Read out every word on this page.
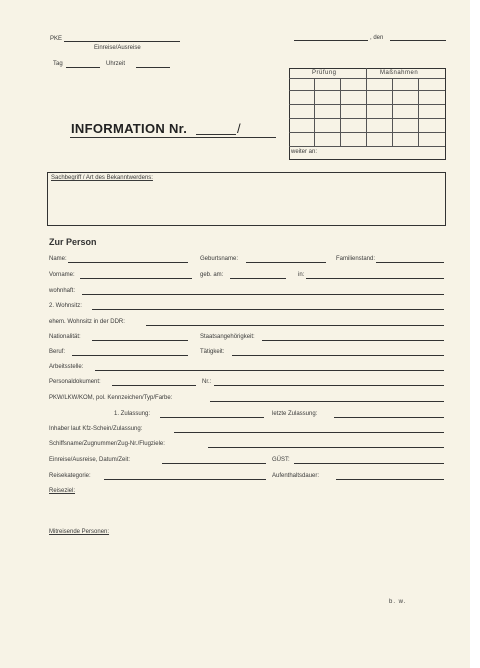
PKE
Einreise/Ausreise
, den
Tag	Uhrzeit
Prüfung	Maßnahmen
weiter an:
INFORMATION Nr.	/
Sachbegriff / Art des Bekanntwerdens:
Zur Person
Name:	Geburtsname:	Familienstand:
Vorname:	geb. am:	in:
wohnhaft:
2. Wohnsitz:
ehem. Wohnsitz in der DDR:
Nationalität:	Staatsangehörigkeit:
Beruf:	Tätigkeit:
Arbeitsstelle:
Personaldokument:	Nr.:
PKW/LKW/KOM, pol. Kennzeichen/Typ/Farbe:
1. Zulassung:	letzte Zulassung:
Inhaber laut Kfz-Schein/Zulassung:
Schiffsname/Zugnummer/Zug-Nr./Flugziele:
Einreise/Ausreise, Datum/Zeit:	GÜST:
Reisekategorie:	Aufenthaltsdauer:
Reiseziel:
Mitreisende Personen:
b. w.
